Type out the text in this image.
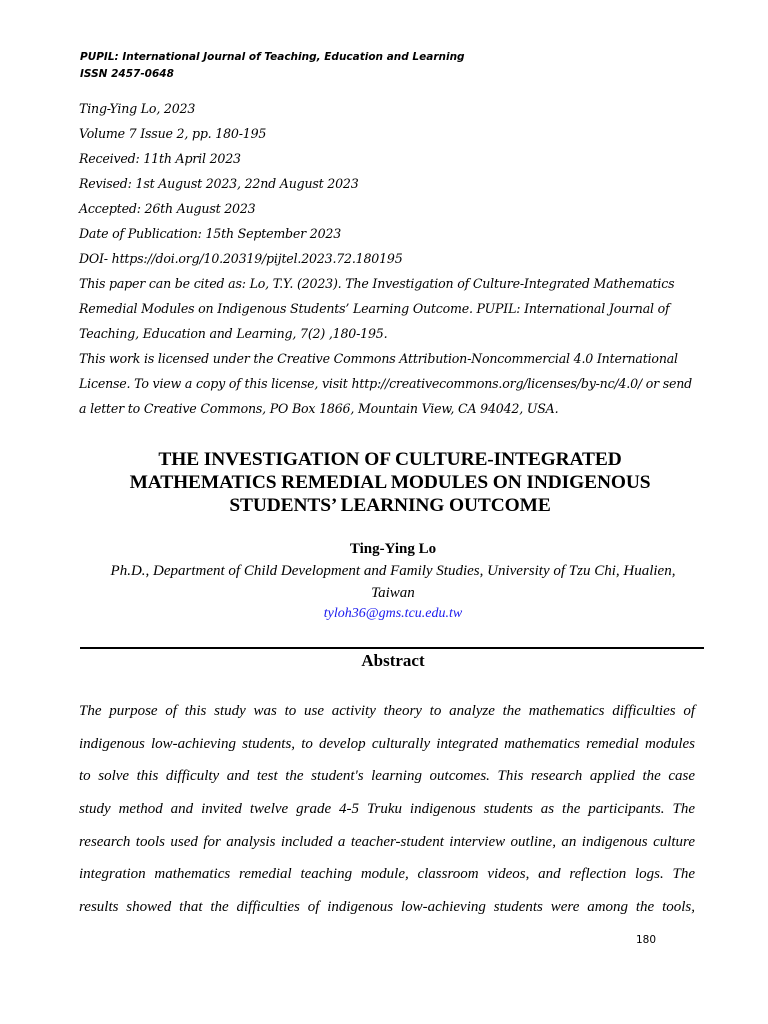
PUPIL: International Journal of Teaching, Education and Learning
ISSN 2457-0648
Ting-Ying Lo, 2023
Volume 7 Issue 2, pp. 180-195
Received: 11th April 2023
Revised: 1st August 2023, 22nd August 2023
Accepted: 26th August 2023
Date of Publication: 15th September 2023
DOI- https://doi.org/10.20319/pijtel.2023.72.180195
This paper can be cited as: Lo, T.Y. (2023). The Investigation of Culture-Integrated Mathematics
Remedial Modules on Indigenous Students’ Learning Outcome. PUPIL: International Journal of
Teaching, Education and Learning, 7(2) ,180-195.
This work is licensed under the Creative Commons Attribution-Noncommercial 4.0 International
License. To view a copy of this license, visit http://creativecommons.org/licenses/by-nc/4.0/ or send
a letter to Creative Commons, PO Box 1866, Mountain View, CA 94042, USA.
THE INVESTIGATION OF CULTURE-INTEGRATED
MATHEMATICS REMEDIAL MODULES ON INDIGENOUS
STUDENTS’ LEARNING OUTCOME
Ting-Ying Lo
Ph.D., Department of Child Development and Family Studies, University of Tzu Chi, Hualien,
Taiwan
tyloh36@gms.tcu.edu.tw
Abstract
The purpose of this study was to use activity theory to analyze the mathematics difficulties of
indigenous low-achieving students, to develop culturally integrated mathematics remedial modules
to solve this difficulty and test the student's learning outcomes. This research applied the case
study method and invited twelve grade 4-5 Truku indigenous students as the participants. The
research tools used for analysis included a teacher-student interview outline, an indigenous culture
integration mathematics remedial teaching module, classroom videos, and reflection logs. The
results showed that the difficulties of indigenous low-achieving students were among the tools,
180
